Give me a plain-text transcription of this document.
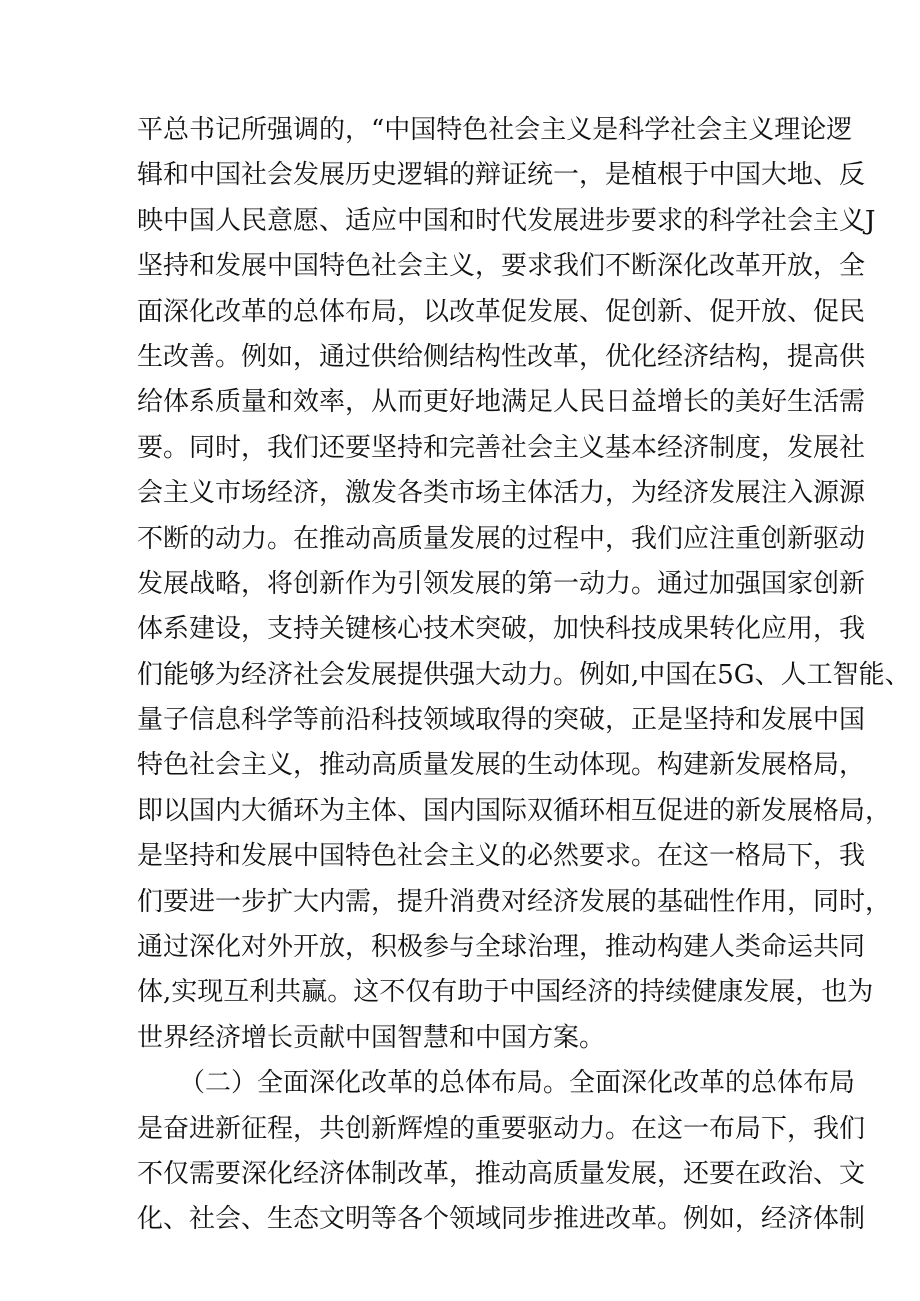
平总书记所强调的，“中国特色社会主义是科学社会主义理论逻
辑和中国社会发展历史逻辑的辩证统一，是植根于中国大地、反
映中国人民意愿、适应中国和时代发展进步要求的科学社会主义J
坚持和发展中国特色社会主义，要求我们不断深化改革开放，全
面深化改革的总体布局，以改革促发展、促创新、促开放、促民
生改善。例如，通过供给侧结构性改革，优化经济结构，提高供
给体系质量和效率，从而更好地满足人民日益增长的美好生活需
要。同时，我们还要坚持和完善社会主义基本经济制度，发展社
会主义市场经济，激发各类市场主体活力，为经济发展注入源源
不断的动力。在推动高质量发展的过程中，我们应注重创新驱动
发展战略，将创新作为引领发展的第一动力。通过加强国家创新
体系建设，支持关键核心技术突破，加快科技成果转化应用，我
们能够为经济社会发展提供强大动力。例如,中国在5G、人工智能、
量子信息科学等前沿科技领域取得的突破，正是坚持和发展中国
特色社会主义，推动高质量发展的生动体现。构建新发展格局，
即以国内大循环为主体、国内国际双循环相互促进的新发展格局，
是坚持和发展中国特色社会主义的必然要求。在这一格局下，我
们要进一步扩大内需，提升消费对经济发展的基础性作用，同时，
通过深化对外开放，积极参与全球治理，推动构建人类命运共同
体,实现互利共赢。这不仅有助于中国经济的持续健康发展，也为
世界经济增长贡献中国智慧和中国方案。
（二）全面深化改革的总体布局。全面深化改革的总体布局
是奋进新征程，共创新辉煌的重要驱动力。在这一布局下，我们
不仅需要深化经济体制改革，推动高质量发展，还要在政治、文
化、社会、生态文明等各个领域同步推进改革。例如，经济体制
